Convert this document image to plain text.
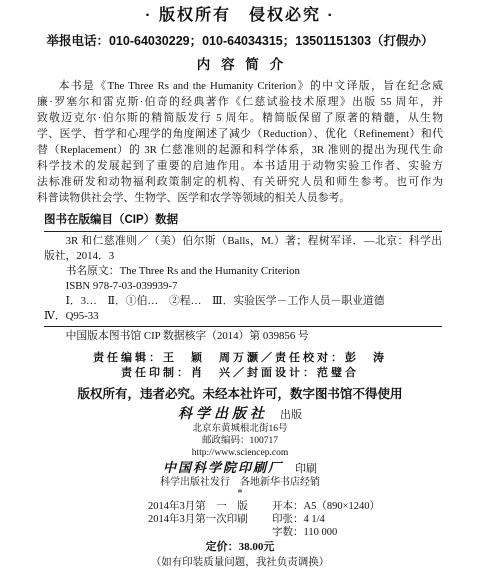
· 版权所有　侵权必究 ·
举报电话：010-64030229；010-64034315；13501151303（打假办）
内容简介
本书是《The Three Rs and the Humanity Criterion》的中文译版，旨在纪念威
廉·罗塞尔和雷克斯·伯奇的经典著作《仁慈试验技术原理》出版 55 周年，并
致敬迈克尔·伯尔斯的精简版发行 5 周年。精简版保留了原著的精髓，从生物
学、医学、哲学和心理学的角度阐述了减少（Reduction）、优化（Refinement）和代
替（Replacement）的 3R 仁慈准则的起源和科学体系，3R 准则的提出为现代生命
科学技术的发展起到了重要的启迪作用。本书适用于动物实验工作者、实验方
法标准研发和动物福利政策制定的机构、有关研究人员和师生参考。也可作为
科普读物供社会学、生物学、医学和农学等领域的相关人员参考。
图书在版编目（CIP）数据
3R 和仁慈准则／（美）伯尔斯（Balls，M.）著；程树军译．—北京：科学出
版社，2014．3
书名原文：The Three Rs and the Humanity Criterion
ISBN 978-7-03-039939-7
Ⅰ．3…　Ⅱ．①伯…　②程…　Ⅲ．实验医学－工作人员－职业道德
Ⅳ．Q95-33
中国版本图书馆 CIP 数据核字（2014）第 039856 号
责任编辑：王　颖　周万灏／责任校对：彭　涛
责任印制：肖　兴／封面设计：范璧合
版权所有，违者必究。未经本社许可，数字图书馆不得使用
科学出版社 出版
北京东黄城根北街16号
邮政编码：100717
http://www.sciencep.com
中国科学院印刷厂 印刷
科学出版社发行　各地新华书店经销
*
2014年3月第　一　版 开本：A5（890×1240）
2014年3月第一次印刷 印张：4 1/4
字数：110 000
定价：38.00元
（如有印装质量问题，我社负责调换）
